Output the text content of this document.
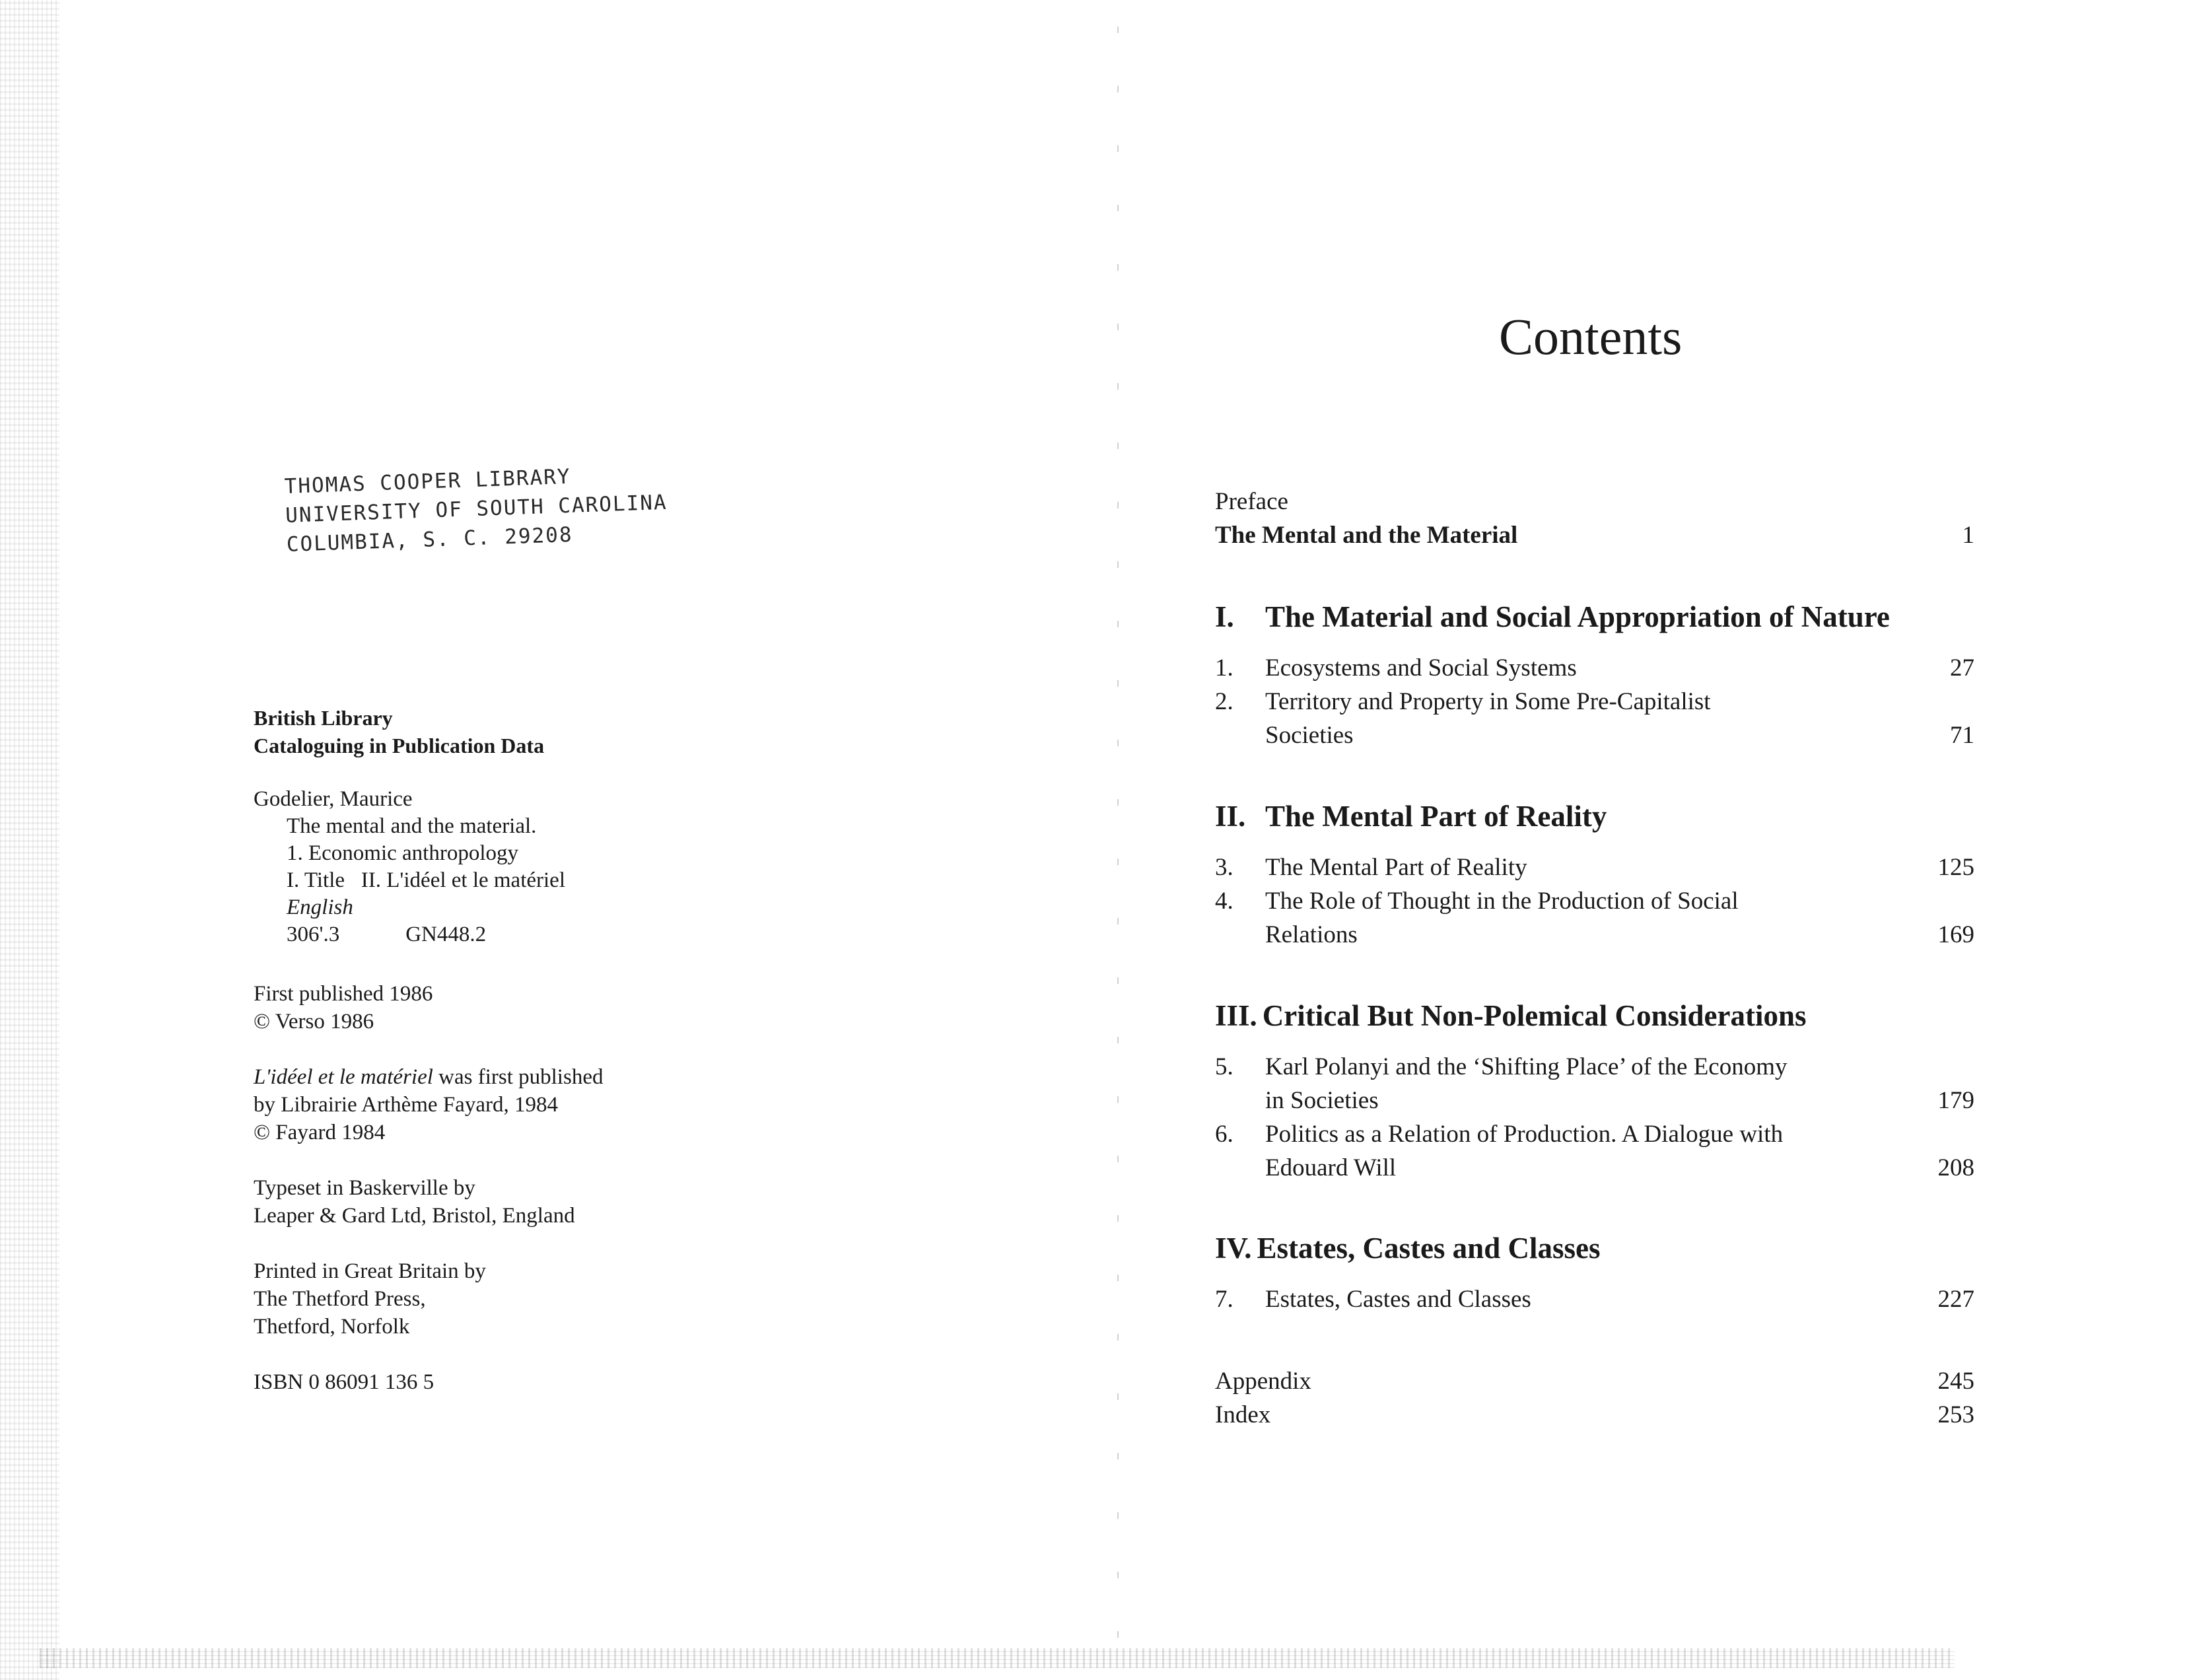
THOMAS COOPER LIBRARY
UNIVERSITY OF SOUTH CAROLINA
COLUMBIA, S. C. 29208
British Library
Cataloguing in Publication Data
Godelier, Maurice
The mental and the material.
1. Economic anthropology
I. Title   II. L'idéel et le matériel
English
306'.3	GN448.2
First published 1986
© Verso 1986
L'idéel et le matériel was first published
by Librairie Arthème Fayard, 1984
© Fayard 1984
Typeset in Baskerville by
Leaper & Gard Ltd, Bristol, England
Printed in Great Britain by
The Thetford Press,
Thetford, Norfolk
ISBN 0 86091 136 5
Contents
Preface
The Mental and the Material	1
I. The Material and Social Appropriation of Nature
1. Ecosystems and Social Systems	27
2. Territory and Property in Some Pre-Capitalist
Societies	71
II. The Mental Part of Reality
3. The Mental Part of Reality	125
4. The Role of Thought in the Production of Social
Relations	169
III. Critical But Non-Polemical Considerations
5. Karl Polanyi and the ‘Shifting Place’ of the Economy
in Societies	179
6. Politics as a Relation of Production. A Dialogue with
Edouard Will	208
IV. Estates, Castes and Classes
7. Estates, Castes and Classes	227
Appendix	245
Index	253
